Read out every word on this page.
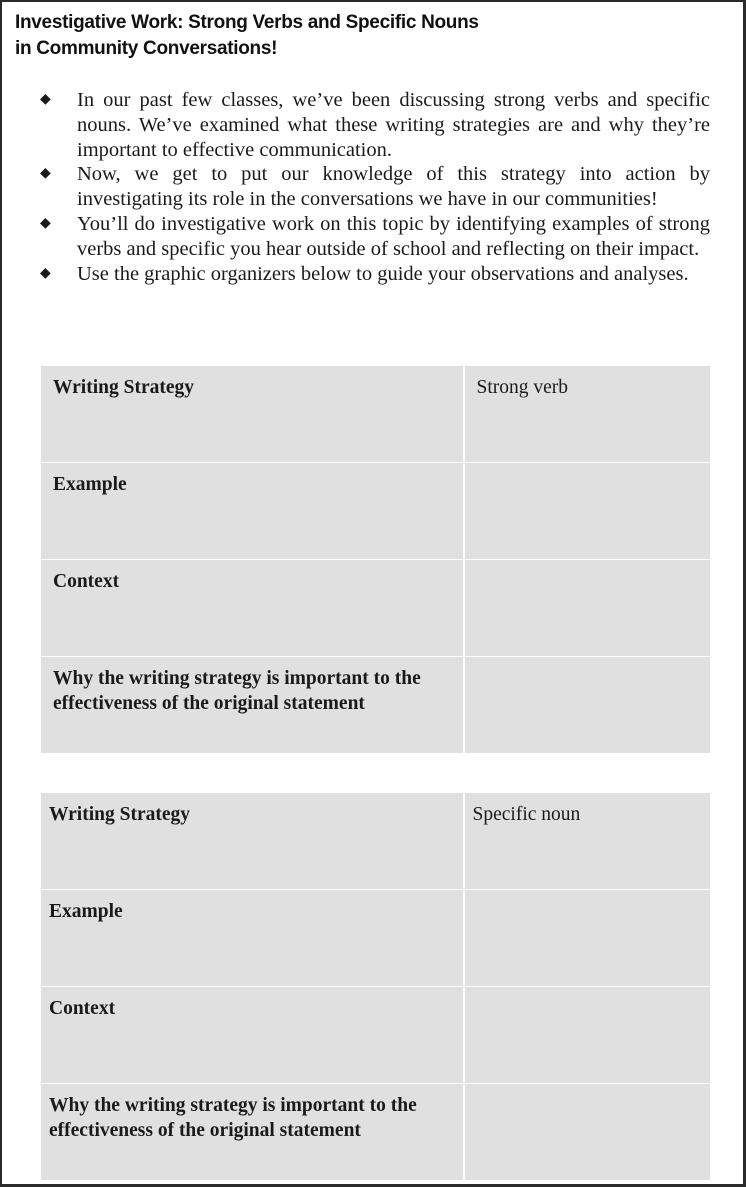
Investigative Work: Strong Verbs and Specific Nouns
in Community Conversations!
◆ In our past few classes, we’ve been discussing strong verbs and specific nouns. We’ve examined what these writing strategies are and why they’re important to effective communication.
◆ Now, we get to put our knowledge of this strategy into action by investigating its role in the conversations we have in our communities!
◆ You’ll do investigative work on this topic by identifying examples of strong verbs and specific you hear outside of school and reflecting on their impact.
◆ Use the graphic organizers below to guide your observations and analyses.
Writing Strategy	Strong verb
Example
Context
Why the writing strategy is important to the effectiveness of the original statement
Writing Strategy	Specific noun
Example
Context
Why the writing strategy is important to the effectiveness of the original statement
